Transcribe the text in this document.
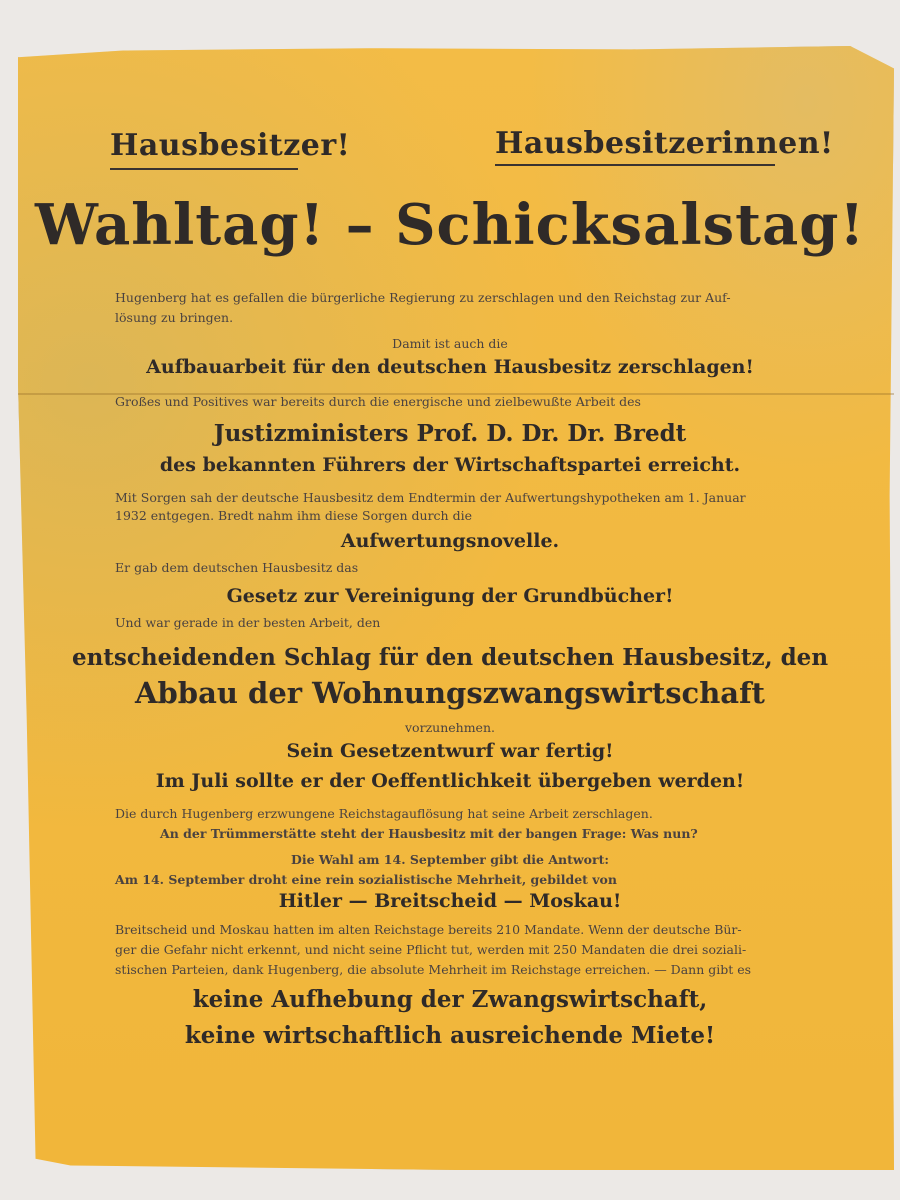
Hausbesitzer!	Hausbesitzerinnen!

Wahltag! – Schicksalstag!

Hugenberg hat es gefallen die bürgerliche Regierung zu zerschlagen und den Reichstag zur Auf-

lösung zu bringen.

Damit ist auch die

Aufbauarbeit für den deutschen Hausbesitz zerschlagen!

Großes und Positives war bereits durch die energische und zielbewußte Arbeit des

Justizministers Prof. D. Dr. Dr. Bredt

des bekannten Führers der Wirtschaftspartei erreicht.

Mit Sorgen sah der deutsche Hausbesitz dem Endtermin der Aufwertungshypotheken am 1. Januar

1932 entgegen. Bredt nahm ihm diese Sorgen durch die

Aufwertungsnovelle.

Er gab dem deutschen Hausbesitz das

Gesetz zur Vereinigung der Grundbücher!

Und war gerade in der besten Arbeit, den

entscheidenden Schlag für den deutschen Hausbesitz, den

Abbau der Wohnungszwangswirtschaft

vorzunehmen.

Sein Gesetzentwurf war fertig!

Im Juli sollte er der Oeffentlichkeit übergeben werden!

Die durch Hugenberg erzwungene Reichstagauflösung hat seine Arbeit zerschlagen.

An der Trümmerstätte steht der Hausbesitz mit der bangen Frage: Was nun?

Die Wahl am 14. September gibt die Antwort:

Am 14. September droht eine rein sozialistische Mehrheit, gebildet von

Hitler — Breitscheid — Moskau!

Breitscheid und Moskau hatten im alten Reichstage bereits 210 Mandate. Wenn der deutsche Bür-

ger die Gefahr nicht erkennt, und nicht seine Pflicht tut, werden mit 250 Mandaten die drei soziali-

stischen Parteien, dank Hugenberg, die absolute Mehrheit im Reichstage erreichen. — Dann gibt es

keine Aufhebung der Zwangswirtschaft,

keine wirtschaftlich ausreichende Miete!
